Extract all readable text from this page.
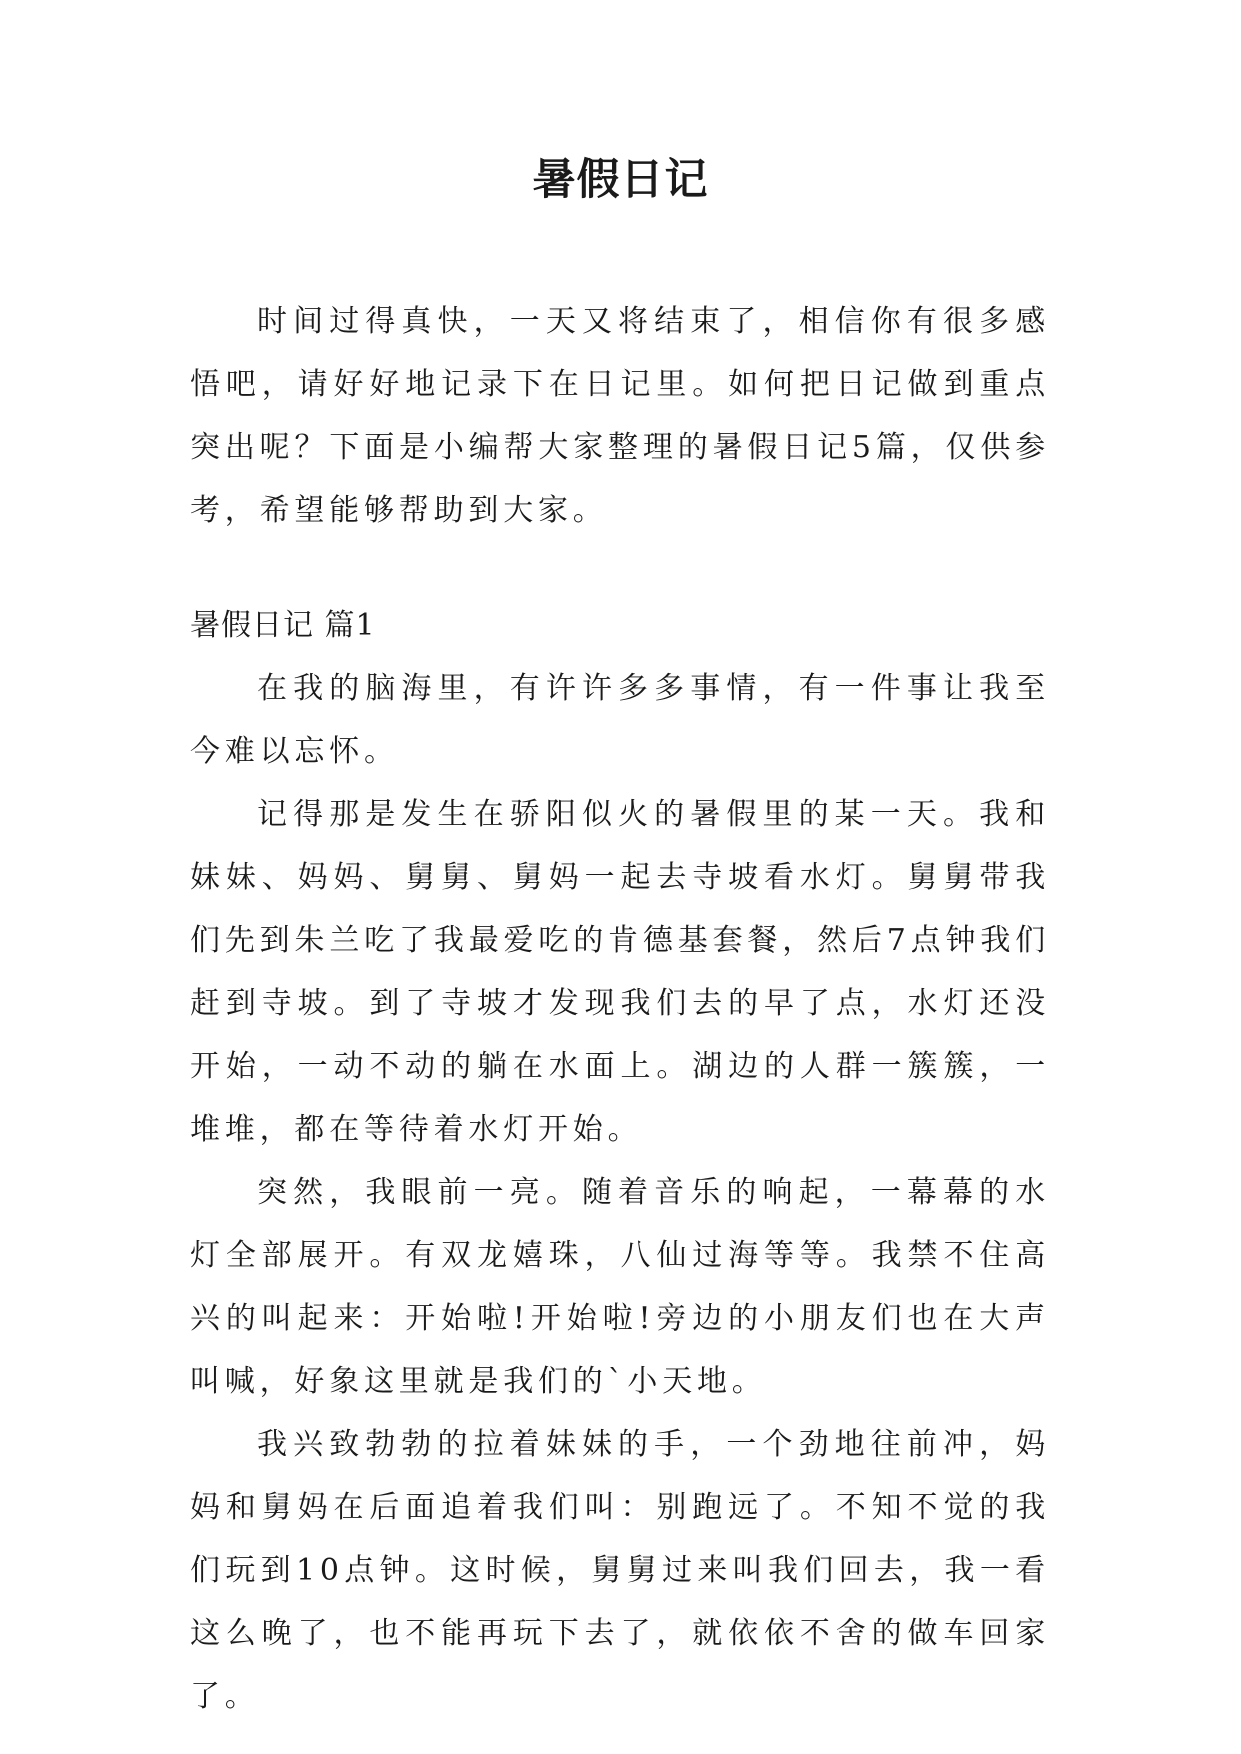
暑假日记

时间过得真快，一天又将结束了，相信你有很多感悟吧，请好好地记录下在日记里。如何把日记做到重点突出呢？下面是小编帮大家整理的暑假日记5篇，仅供参考，希望能够帮助到大家。

暑假日记 篇1

在我的脑海里，有许许多多事情，有一件事让我至今难以忘怀。

记得那是发生在骄阳似火的暑假里的某一天。我和妹妹、妈妈、舅舅、舅妈一起去寺坡看水灯。舅舅带我们先到朱兰吃了我最爱吃的肯德基套餐，然后7点钟我们赶到寺坡。到了寺坡才发现我们去的早了点，水灯还没开始，一动不动的躺在水面上。湖边的人群一簇簇，一堆堆，都在等待着水灯开始。

突然，我眼前一亮。随着音乐的响起，一幕幕的水灯全部展开。有双龙嬉珠，八仙过海等等。我禁不住高兴的叫起来：开始啦!开始啦!旁边的小朋友们也在大声叫喊，好象这里就是我们的`小天地。

我兴致勃勃的拉着妹妹的手，一个劲地往前冲，妈妈和舅妈在后面追着我们叫：别跑远了。不知不觉的我们玩到10点钟。这时候，舅舅过来叫我们回去，我一看这么晚了，也不能再玩下去了，就依依不舍的做车回家了。
